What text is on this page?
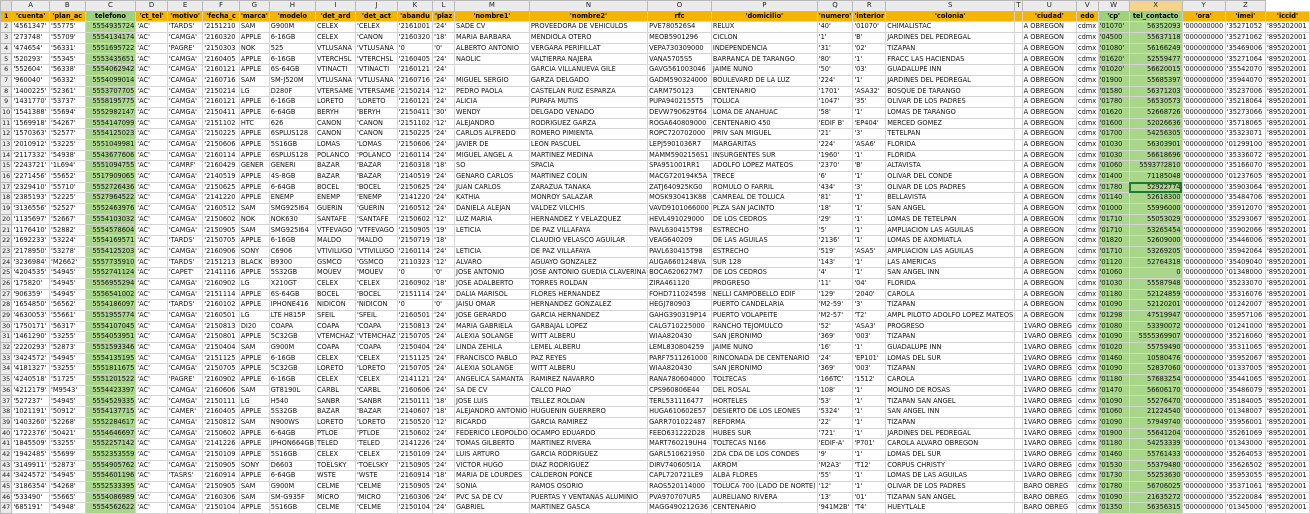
	A	B	C	D	E	F	G	H	I	J	K	L	M	N	O	P	Q	R	S	T	U	V	W	X	Y	Z	
1	'cuenta'	'plan_ac	telefono	'ct_tel'	'motivo'	'fecha_c	'marca'	'modelo	'det_ard	'det_act	'abandu	'plaz	'nombre1'	'nombre2'	rfc	'domicilio'	'numero'	'interior	'colonia'		'ciudad'	edo	'cp'	tel_contacto	'ora'	'imei'	'iccid'
2	'4561347'	'55775'	5554935724	'AC'	'TARDS'	'2151210	SAM	G900M	CELEX	'CELEX	'2161001	'24'	SADE CV	PROVEEDORA DE VEHICULOS	PVE780526S4	RELUX	'40'	'01070'	CHIMALISTAC		A OBREGON	cdmx	'01070'	56352093	'000000000	'35271052	'895202001
3	'273748'	'55709'	5554134174	'AC'	'CAMGA'	'2160320	APPLE	6-16GB	CELEX	'CANON	'2160320	'18'	MARIA BARBARA	MENDIOLA OTERO	MEOB5901296	CICLON	'1'	'B'	JARDINES DEL PEDREGAL		A OBREGON	cdmx	'04500	55637118	'000000000	'35271062	'895202001
4	'474654'	'56331'	5551695722	'AC'	'PAGRE'	'2150303	NOK	525	VTLUSANA	'VTLUSANA	'0	'0'	ALBERTO ANTONIO	VERGARA PERIFILLAT	VEPA730309000	INDEPENDENCIA	'31'	'02'	TIZAPAN		A OBREGON	cdmx	'01080'	56166249	'000000000	'35469006	'895202001
5	'520293'	'55345'	5553435651	'AC'	'CAMGA'	'2160405	APPLE	6-16GB	VTERCHSL	'VTERCHSL	'2160405	'24'	NAOLIC	VALTIERRA NAJERA	VANA5705S5	BARRANCA DE TARANGO	'80'	'1'	FRACC LAS HACIENDAS		A OBREGON	cdmx	'01620'	52559477	'000000000	'35271064	'895202001
6	'552604'	'56338'	5554062942	'AC'	'CAMGA'	'2160121	APPLE	6S-64GB	VTINACTI	'VTINACTI	'2160121	'24'		GARCIA VILLANUEVA GILE	GAVG561003046	JAIME NUNO	'50'	'03'	GUADALUPE INN		A OBREGON	cdmx	'01020'	56620015	'000000000	'35542070	'895202001
7	'960040'	'56332'	5554099014	'AC'	'CAMGA'	'2160716	SAM	SM-J520M	VTLUSANA	'VTLUSANA	'2160716	'24'	MIGUEL SERGIO	GARZA DELGADO	GADM590324000	BOULEVARD DE LA LUZ	'224'	'1'	JARDINES DEL PEDREGAL		A OBREGON	cdmx	'01900	55685397	'000000000	'35944070	'895202001
8	'1400225'	'52361'	5553707705	'AC'	'CAMGA'	'2150214	LG	D280F	VTERSAME	'VTERSAME	'2150214	'12'	PEDRO PAOLA	CASTELAN RUIZ ESPARZA	CARM750123	CENTENARIO	'1701'	'ASA32'	BOSQUE DE TARANGO		A OBREGON	cdmx	'01580	56371203	'000000000	'35237006	'895202001
9	'1431770'	'53737'	5558195775	'AC'	'CAMGA'	'2160121	APPLE	6-16GB	LORETO	'LORETO	'2160121	'24'	ALICIA	PUPAFA MUTIS	PUPA9402155T5	TOLUCA	'1047'	'35'	OLIVAR DE LOS PADRES		A OBREGON	cdmx	'01780	56530573	'000000000	'35218064	'895202001
10	'1541388'	'55694'	5552982147	'AC'	'CAMGA'	'2150411	APPLE	6-64GB	BERYH	'BERYH	'2150411	'30'	WENDY	DELGADO VENADO	DEVW790629T64	LOMA DE ANAHUAC	'58'	'1'	LOMAS DE TARANGO		A OBREGON	cdmx	'01620	52668726	'000000000	'35273066	'895202001
11	'1569918'	'54267'	5554147099	'AC'	'CAMGA'	'2151102	HTC	626	CANON	'CANON	'2151102	'12'	ALEJANDRO	RODRIGUEZ GARZA	ROGA640809000	CENTENARIO 450	'EDIF B'	'EP404'	MERCED GOMEZ		A OBREGON	cdmx	'01600	52026636	'000000000	'35718065	'895202001
12	'1570363'	'52577'	5554125023	'AC'	'CAMGA'	'2150225	APPLE	6SPLUS128	CANON	'CANON	'2150225	'24'	CARLOS ALFREDO	ROMERO PIMIENTA	ROPC720702000	PRIV SAN MIGUEL	'21'	'3'	TETELPAN		A OBREGON	cdmx	'01700	54256305	'000000000	'35323071	'895202001
13	'2010912'	'53225'	5551049981	'AC'	'CAMGA'	'2150606	APPLE	5S16GB	LOMAS	'LOMAS	'2150606	'24'	JAVIER DE	LEON PASCUEL	LEPJ5901036R7	MARGARITAS	'224'	'ASA6'	FLORIDA		A OBREGON	cdmx	'01030	56303901	'000000000	'01299100	'895202001
14	'2117332'	'54938'	5543677606	'AC'	'CAMGA'	'2160114	APPLE	6SPLUS128	POLANCO	'POLANCO	'2160114	'24'	MIGUEL ANGEL A	MARTINEZ MEDINA	MAMM5902156S1	INSURGENTES SUR	'1960'	'1'	FLORIDA		A OBREGON	cdmx	'01030	56618696	'000000000	'35336072	'895202001
15	'2243721'	'1L694'	5551094755	'AC'	'CAMRF'	'2160429	GENER	GENERI	BAZAR	'BAZAR	'2160318	'18'	SO	SPACIA	SPA951001RR1	ADOLFO LOPEZ MATEOS	'2370'	'B'	ALTAVISTA		A OBREGON	cdmx	'01060	55937?2810	'000000000	'35166070	'895202001
16	'2271456'	'55652'	5517909065	'AC'	'CAMGA'	'2140519	APPLE	4S-8GB	BAZAR	'BAZAR	'2140519	'24'	GENARO CARLOS	MARTINEZ COLIN	MACG720194K5A	TRECE	'6'	'1'	OLIVAR DEL CONDE		A OBREGON	cdmx	'01400	71185048	'000000000	'01237605	'895202001
17	'2329410'	'55710'	5552726436	'AC'	'CAMGA'	'2150625	APPLE	6-64GB	BOCEL	'BOCEL	'2150625	'24'	JUAN CARLOS	ZARAZUA TANAKA	ZATJ640925KG0	ROMULO O FARRIL	'434'	'3'	OLIVAR DE LOS PADRES		A OBREGON	cdmx	'01780	52922774	'000000000	'35903064	'895202001
18	'2385193'	'52225'	5527964522	'AC'	'CAMGA'	'2141220	APPLE	ENEMP	ENEMP	'ENEMP	'2141220	'24'	KATHIA	MONROY SALAZAR	MOSK930413K88	CAMREAL DE TOLUCA	'81'	'1'	BELLAVISTA		A OBREGON	cdmx	'01140	52618300	'000000000	'35484706	'895202001
19	'3136556'	'52527'	5552463976	'AC'	'CAMGA'	'2160512	SAM	SMG925I64	GUERIN	'GUERIN	'2160512	'24'	DANIELA ALEJAN	VALDEZ VILCHIS	VAVD9101066000	PLZA SAN JACINTO	'18'	'1'	SAN ANGEL		A OBREGON	cdmx	'01000	55996000	'000000000	'35912070	'895202001
20	'1135697'	'52667'	5554103032	'AC'	'CAMGA'	'2150602	NOK	NOK630	SANTAFE	'SANTAFE	'2150602	'12'	LUZ MARIA	HERNANDEZ Y VELAZQUEZ	HEVL491029000	DE LOS CEDROS	'29'	'1'	LOMAS DE TETELPAN		A OBREGON	cdmx	'01710	55053029	'000000000	'35293067	'895202001
21	'1176410'	'52882'	5554578604	'AC'	'CAMGA'	'2150905	SAM	SMG925I64	VTFEVAGO	'VTFEVAGO	'2150905	'19'	LETICIA	DE PAZ VILLAFAYA	PAVL630415T98	ESTRECHO	'5'	'1'	AMPLIACION LAS AGUILAS		A OBREGON	cdmx	'01710	53265454	'000000000	'35902066	'895202001
22	'1692233'	'53224'	5554169571	'AC'	'TARDS'	'2150705	APPLE	6-16GB	MALDO	'MALDO	'2150719	'18'		CLAUDIO VELASCO AGUILAR	VEAG640209	DE LAS AGUILAS	'2136'	'1'	LOMAS DE AXOMIATLA		A OBREGON	cdmx	'01820	52609000	'000000000	'35446006	'895202001
23	'2178950'	'53278'	5554125203	'AC'	'CAMGA'	'2160906	SONY	C6906	VTIVILUGO	'VTIVILUGO	'2160114	'24'	LETICIA	DE PAZ VILLAFAYA	PAVL630415T98	ESTRECHO	'519'	'ASA5'	AMPLIACION LAS AGUILAS		A OBREGON	cdmx	'01710	53269205	'000000000	'35942064	'895202001
24	'3236984'	'M2662'	5557735910	'AC'	'TARDS'	'2151213	BLACK	B9300	GSMCO	'GSMCO	'2110323	'12'	ALVARO	AGUAYO GONZALEZ	AUGA6601248VA	SUR 128	'143'	'1'	LAS AMERICAS		A OBREGON	cdmx	'01120	52764318	'000000000	'35409040	'895202001
25	'4204535'	'54945'	5552741124	'AC'	'CAPET'	'2141116	APPLE	5S32GB	MOUEV	'MOUEV	'0	'0'	JOSE ANTONIO	JOSE ANTONIO GUEDIA CLAVERINA	BOCA620627M7	DE LOS CEDROS	'4'	'1'	SAN ANGEL INN		A OBREGON	cdmx	'01060	0	'000000000	'01348000	'895202001
26	'175820'	'54945'	5556955294	'AC'	'CAMGA'	'2160902	LG	X210GT	CELEX	'CELEX	'2160902	'18'	JOSE ADALBERTO	TORRES ROLDAN	ZIRA461120	PROGRESO	'11'	'04'	FLORIDA		A OBREGON	cdmx	'01030	55587948	'000000000	'35233070	'895202001
27	'906359'	'54945'	5556541002	'AC'	'CAMGA'	'2151114	APPLE	6S-64GB	BOCEL	'BOCEL	'2151114	'24'	DALIA MARISOL	FLORES HERNANDEZ	FOHD711024598	NELLI CAMPOBELLO EDIF	'129'	'2040'	CAROLA		A OBREGON	cdmx	'01180	52124859	'000000000	'35316076	'895202001
28	'1654850'	'56562'	5554186097	'AC'	'TARDS'	'2160102	APPLE	IPHONE416	NIDICON	'NIDICON	'0	'0'	JAISU OMAR	HERNANDEZ GONZALEZ	HEGJ780903	PUERTO CANDELARIA	'M2-59'	'3'	TIZAPAN		A OBREGON	cdmx	'01090	52120201	'000000000	'01242007	'895202001
29	'4630053'	'55661'	5551955774	'AC'	'CAMGA'	'2160501	LG	LTE H815P	SFEIL	'SFEIL	'2160501	'24'	JOSE GERARDO	GARCIA HERNANDEZ	GAHG390319P14	PUERTO VOLAPEITE	'M2-57'	'T2'	AMPL PILOTO ADOLFO LOPEZ MATEOS		A OBREGON	cdmx	'01298	47519947	'000000000	'35957106	'895202001
30	'1750171'	'56317'	5554107045	'AC'	'CAMGA'	'2150813	DI20	COAPA	COAPA	'COAPA	'2150813	'24'	MARIA GABRIELA	GARBAJAL LOPEZ	CALG710225000	RANCHO TEJOMULCO	'52'	'ASA3'	PROGRESO		1VARO OBREG	cdmx	'01080	53390072	'000000000	'01241000	'895202001
31	'1461290'	'53255'	5554053951	'AC'	'CAMGA'	'2150801	APPLE	5C32GB	VTEMCHAZ	'VTEMCHAZ	'2150705	'24'	ALEXIA SOLANGE	WITT ALBERU	WIAA820430	SAN JERONIMO	'369'	'003'	TIZAPAN		1VARO OBREG	cdmx	'01090	5555369907	'000000000	'35216060	'895202001
32	'2220293'	'52873'	5551593346	'AC'	'CAMGA'	'2150404	SAM	G900M	COAPA	'COAPA	'2150404	'24'	LINDA ZEHILA	LEMEL ALBERU	LEML830804259	JAIME NUNO	'16'	'1'	GUADALUPE INN		1VARO OBREG	cdmx	'01020	55759490	'000000000	'35311065	'895202001
33	'3424572'	'54945'	5554135195	'AC'	'CAMGA'	'2151125	APPLE	6-16GB	CELEX	'CELEX	'2151125	'24'	FRANCISCO PABLO	PAZ REYES	PARF7511261000	RINCONADA DE CENTENARIO	'24'	'EP101'	LOMAS DEL SUR		1VARO OBREG	cdmx	'01460	10580476	'000000000	'35952067	'895202001
34	'4181327'	'53255'	5551811675	'AC'	'CAMGA'	'2150705	APPLE	5C32GB	LORETO	'LORETO	'2150705	'24'	ALEXIA SOLANGE	WITT ALBERU	WIAA820430	SAN JERONIMO	'369'	'003'	TIZAPAN		1VARO OBREG	cdmx	'01090	52837060	'000000000	'01337005	'895202001
35	'4240518'	'51725'	5551201522	'AC'	'PAGRE'	'2160902	APPLE	6-16GB	CELEX	'CELEX	'2141121	'24'	ANGELICA SAMANTA	RAMIREZ NAVARRO	RANA780604000	TOLTECAS	'166TC'	'1512'	CAROLA		1VARO OBREG	cdmx	'01180	57683254	'000000000	'35441065	'895202001
36	'4212179'	'M9543'	5554423397	'AC'	'CAMGA'	'2160606	SAM	GT8190L	CARBL	'CARBL	'2160606	'24'	SA DE CV	CALCO PIAO	CPS960806E44	DEL ROSAL	'108'	'1'	MOLINO DE ROSAS		1VARO OBREG	cdmx	'01470	56606170	'000000000	'35486079	'895202001
37	'527237'	'54945'	5554529335	'AC'	'CAMGA'	'2150111	LG	H540	SANBR	'SANBR	'2150111	'18'	JOSE LUIS	TELLEZ ROLDAN	TERL531116477	HORTELES	'53'	'1'	TIZAPAN SAN ANGEL		1VARO OBREG	cdmx	'01090	55276470	'000000000	'35184005	'895202001
38	'1021191'	'50912'	5554137715	'AC'	'CAMER'	'2160405	APPLE	5S32GB	BAZAR	'BAZAR	'2140607	'18'	ALEJANDRO ANTONIO	HUGUENIN GUERRERO	HUGA610602E57	DESIERTO DE LOS LEONES	'5324'	'1'	SAN ANGEL INN		1VARO OBREG	cdmx	'01060	21224540	'000000000	'01348007	'895202001
39	'1403260'	'52268'	5552284617	'AC'	'CAMGA'	'2150812	SAM	N900WS	LORETO	'LORETO	'2150520	'12'	RICARDO	GARCIA RAMIREZ	GARR701022487	REFORMA	'22'	'1'	TIZAPAN		1VARO OBREG	cdmx	'01090	57949740	'000000000	'35956001	'895202001
40	'1722376'	'50421'	5554646697	'AC'	'CAMGA'	'2150602	APPLE	6-64GB	PTLOE	'PTLOE	'2150602	'24'	FEDERICO LEOPOLDO	OCAMPO EDUARDO	FEEO631222D28	HUBES SUR	'721'	'1'	JARDINES DEL PEDREGAL		1VARO OBREG	cdmx	'01900	55641204	'000000000	'35261069	'895202001
41	'1845509'	'53255'	5552257142	'AC'	'CAMGA'	'2141226	APPLE	IPHON664GB	TELED	'TELED	'2141226	'24'	TOMAS GILBERTO	MARTINEZ RIVERA	MART760219UH4	TOLTECAS N166	'EDIF-A'	'P701'	CAROLA ALVARO OBREGON		1VARO OBREG	cdmx	'01180	54253339	'000000000	'01343000	'895202001
42	'1942485'	'55699'	5552353559	'AC'	'CAMGA'	'2150109	APPLE	5S16GB	CELEX	'CELEX	'2150109	'24'	LUIS ARTURO	GARCIA RODRIGUEZ	GARL5106219S0	2DA CDA DE LOS CONDES	'9'	'1'	LOMAS DEL SUR		1VARO OBREG	cdmx	'01460	55761433	'000000000	'35264053	'895202001
43	'3149911'	'52873'	5554905762	'AC'	'CAMGA'	'2150905	SONY	D6603	TOELSKY	'TOELSKY	'2150905	'24'	VICTOR HUGO	DIAZ RODRIGUEZ	DIRV740605I1A	AKROM	'M2A3'	'T12'	CORPUS CHRISTY		1VARO OBREG	cdmx	'01530	55379480	'000000000	'35626502	'895202001
44	'3424572'	'54945'	5554601196	'AC'	'TASRS'	'2160914	APPLE	6-64GB	WSTE	'WSTE	'2160914	'18'	MARIA DE LOURDES	CALDERON PONCE	CAPL720721LE9	ALBA FLORES	'55'	'1'	LOMAS DE LAS AGUILAS		1VARO OBREG	cdmx	'01730	55253630	'000000000	'35953055	'895202001
45	'3186354'	'54268'	5552533395	'AC'	'CAMGA'	'2150905	SAM	G900M	CELME	'CELME	'2150905	'24'	SONIA	RAMOS OSORIO	RAOS520114000	TOLUCA 700 (LADO DE NORTE)	'12'	'1'	OLIVAR DE LOS PADRES		BARO OBREG	cdmx	'01780	56706025	'000000000	'35371061	'895202001
46	'533490'	'55665'	5554086989	'AC'	'CAMGA'	'2160306	SAM	SM-G935F	MICRO	'MICRO	'2160306	'24'	PVC SA DE CV	PUERTAS Y VENTANAS ALUMINIO	PVA970707UR5	AURELIANO RIVERA	'13'	'01'	TIZAPAN SAN ANGEL		BARO OBREG	cdmx	'01090	21635272	'000000000	'35220084	'895202001
47	'685191'	'54948'	5554562622	'AC'	'CAMGA'	'2150104	APPLE	5S16GB	CELME	'CELME	'2150104	'24'	GABRIEL	MARTINEZ GASCA	MAGG490212G36	CENTENARIO	'941M2B'	'T4'	HUEYTLALE		BARO OBREG	cdmx	'01350	56356315	'000000000	'01345000	'895202001
